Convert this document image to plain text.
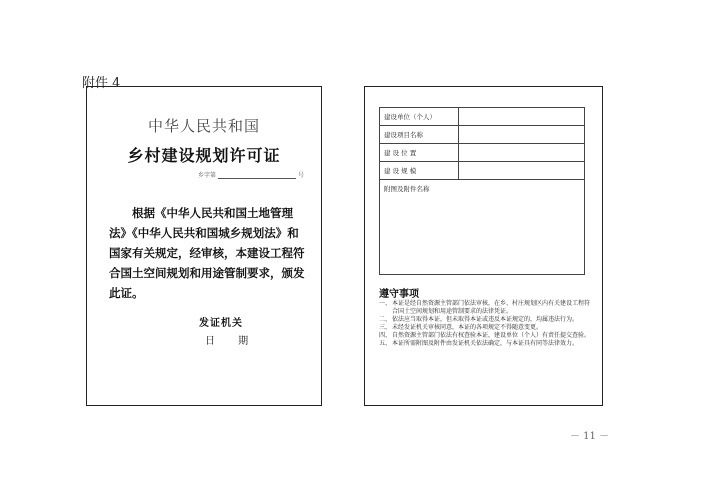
附件 4
中华人民共和国
乡村建设规划许可证
乡字第	号

根据《中华人民共和国土地管理法》《中华人民共和国城乡规划法》和国家有关规定，经审核，本建设工程符合国土空间规划和用途管制要求，颁发此证。

发证机关
日 期
建设单位（个人）	
建设项目名称	
建 设 位 置	
建 设 规 模	
附图及附件名称	
遵守事项
一、 本证是经自然资源主管部门依法审核，在乡、村庄规划区内有关建设工程符合国土空间规划和用途管制要求的法律凭证。
二、 依法应当取得本证，但未取得本证或违反本证规定的，均属违法行为。
三、 未经发证机关审核同意，本证的各项规定不得随意变更。
四、 自然资源主管部门依法有权查验本证，建设单位（个人）有责任提交查验。
五、 本证所需附图及附件由发证机关依法确定，与本证具有同等法律效力。
－ 11 －
